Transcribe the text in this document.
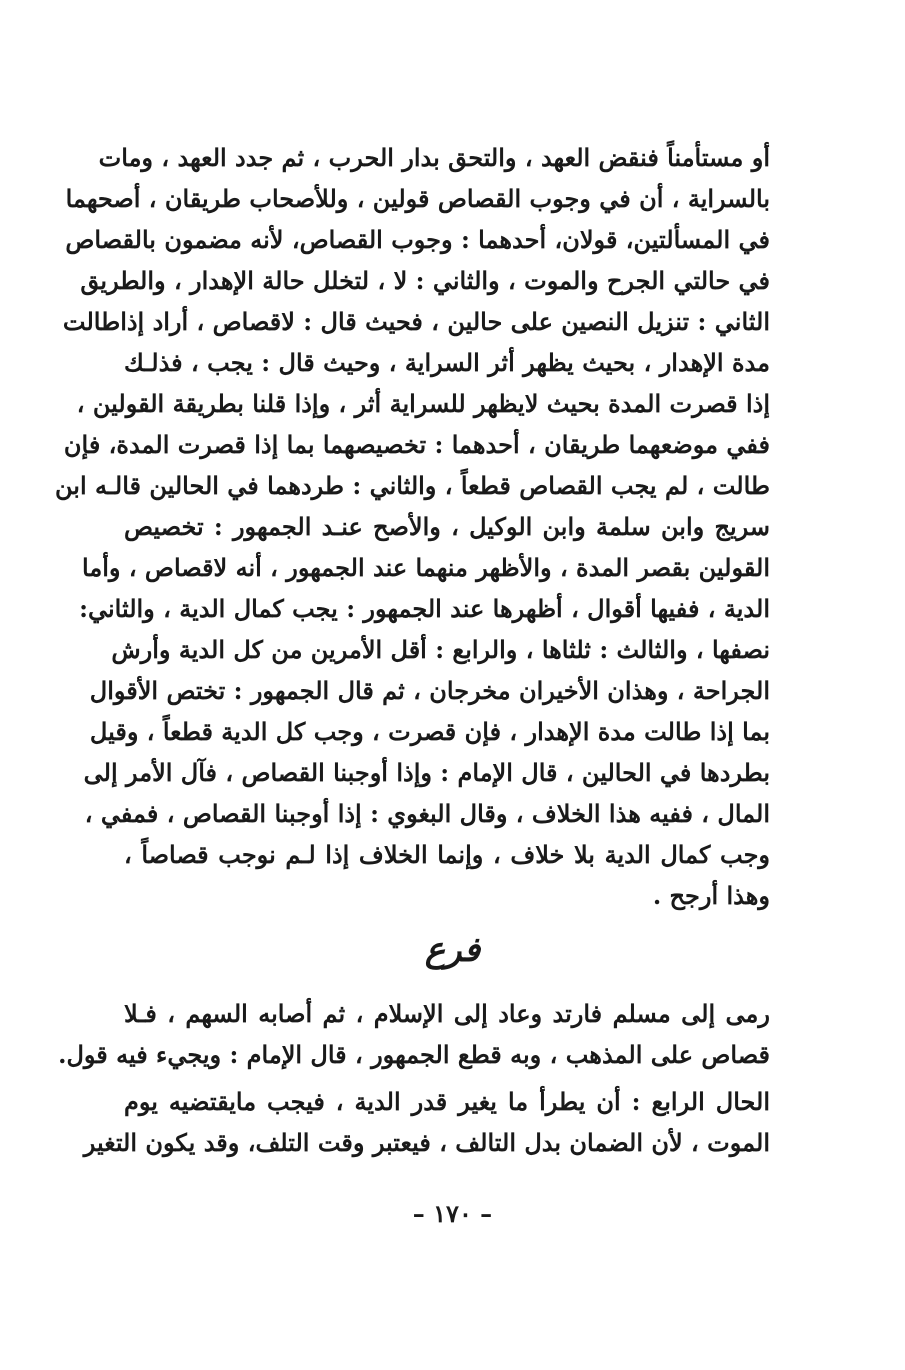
أو مستأمناً فنقض العهد ، والتحق بدار الحرب ، ثم جدد العهد ، ومات
بالسراية ، أن في وجوب القصاص قولين ، وللأصحاب طريقان ، أصحهما
في المسألتين، قولان، أحدهما : وجوب القصاص، لأنه مضمون بالقصاص
في حالتي الجرح والموت ، والثاني : لا ، لتخلل حالة الإهدار ، والطريق
الثاني : تنزيل النصين على حالين ، فحيث قال : لاقصاص ، أراد إذاطالت
مدة الإهدار ، بحيث يظهر أثر السراية ، وحيث قال : يجب ، فذلـك
إذا قصرت المدة بحيث لايظهر للسراية أثر ، وإذا قلنا بطريقة القولين ،
ففي موضعهما طريقان ، أحدهما : تخصيصهما بما إذا قصرت المدة، فإن
طالت ، لم يجب القصاص قطعاً ، والثاني : طردهما في الحالين قالـه ابن
سريج وابن سلمة وابن الوكيل ، والأصح عنـد الجمهور : تخصيص
القولين بقصر المدة ، والأظهر منهما عند الجمهور ، أنه لاقصاص ، وأما
الدية ، ففيها أقوال ، أظهرها عند الجمهور : يجب كمال الدية ، والثاني:
نصفها ، والثالث : ثلثاها ، والرابع : أقل الأمرين من كل الدية وأرش
الجراحة ، وهذان الأخيران مخرجان ، ثم قال الجمهور : تختص الأقوال
بما إذا طالت مدة الإهدار ، فإن قصرت ، وجب كل الدية قطعاً ، وقيل
بطردها في الحالين ، قال الإمام : وإذا أوجبنا القصاص ، فآل الأمر إلى
المال ، ففيه هذا الخلاف ، وقال البغوي : إذا أوجبنا القصاص ، فمفي ،
وجب كمال الدية بلا خلاف ، وإنما الخلاف إذا لـم نوجب قصاصاً ،
وهذا أرجح .
فرع
رمى إلى مسلم فارتد وعاد إلى الإسلام ، ثم أصابه السهم ، فـلا
قصاص على المذهب ، وبه قطع الجمهور ، قال الإمام : ويجيء فيه قول.
الحال الرابع : أن يطرأ ما يغير قدر الدية ، فيجب مايقتضيه يوم
الموت ، لأن الضمان بدل التالف ، فيعتبر وقت التلف، وقد يكون التغير
– ١٧٠ –
